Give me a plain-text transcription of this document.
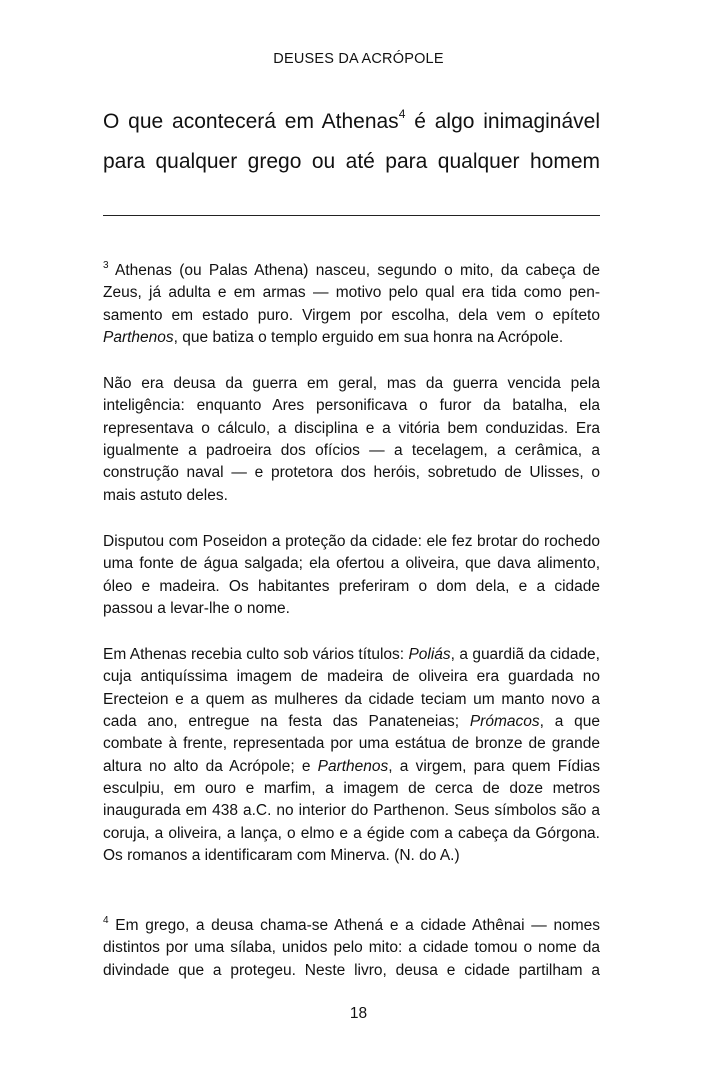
DEUSES DA ACRÓPOLE
O que acontecerá em Athenas$^4$ é algo inimaginável para qualquer grego ou até para qualquer homem

$^3$ Athenas (ou Palas Athena) nasceu, segundo o mito, da cabeça de Zeus, já adulta e em armas — motivo pelo qual era tida como pensamento em estado puro. Virgem por escolha, dela vem o epíteto Parthenos, que batiza o templo erguido em sua honra na Acrópole.

Não era deusa da guerra em geral, mas da guerra vencida pela inteligência: enquanto Ares personificava o furor da batalha, ela representava o cálculo, a disciplina e a vitória bem conduzidas. Era igualmente a padroeira dos ofícios — a tecelagem, a cerâmica, a construção naval — e protetora dos heróis, sobretudo de Ulisses, o mais astuto deles.

Disputou com Poseidon a proteção da cidade: ele fez brotar do rochedo uma fonte de água salgada; ela ofertou a oliveira, que dava alimento, óleo e madeira. Os habitantes preferiram o dom dela, e a cidade passou a levar-lhe o nome.

Em Athenas recebia culto sob vários títulos: Poliás, a guardiã da cidade, cuja antiquíssima imagem de madeira de oliveira era guardada no Erecteion e a quem as mulheres da cidade teciam um manto novo a cada ano, entregue na festa das Panateneias; Prómacos, a que combate à frente, representada por uma estátua de bronze de grande altura no alto da Acrópole; e Parthenos, a virgem, para quem Fídias esculpiu, em ouro e marfim, a imagem de cerca de doze metros inaugurada em 438 a.C. no interior do Parthenon. Seus símbolos são a coruja, a oliveira, a lança, o elmo e a égide com a cabeça da Górgona. Os romanos a identificaram com Minerva. (N. do A.)

$^4$ Em grego, a deusa chama-se Athená e a cidade Athênai — nomes distintos por uma sílaba, unidos pelo mito: a cidade tomou o nome da divindade que a protegeu. Neste livro, deusa e cidade partilham a

18
